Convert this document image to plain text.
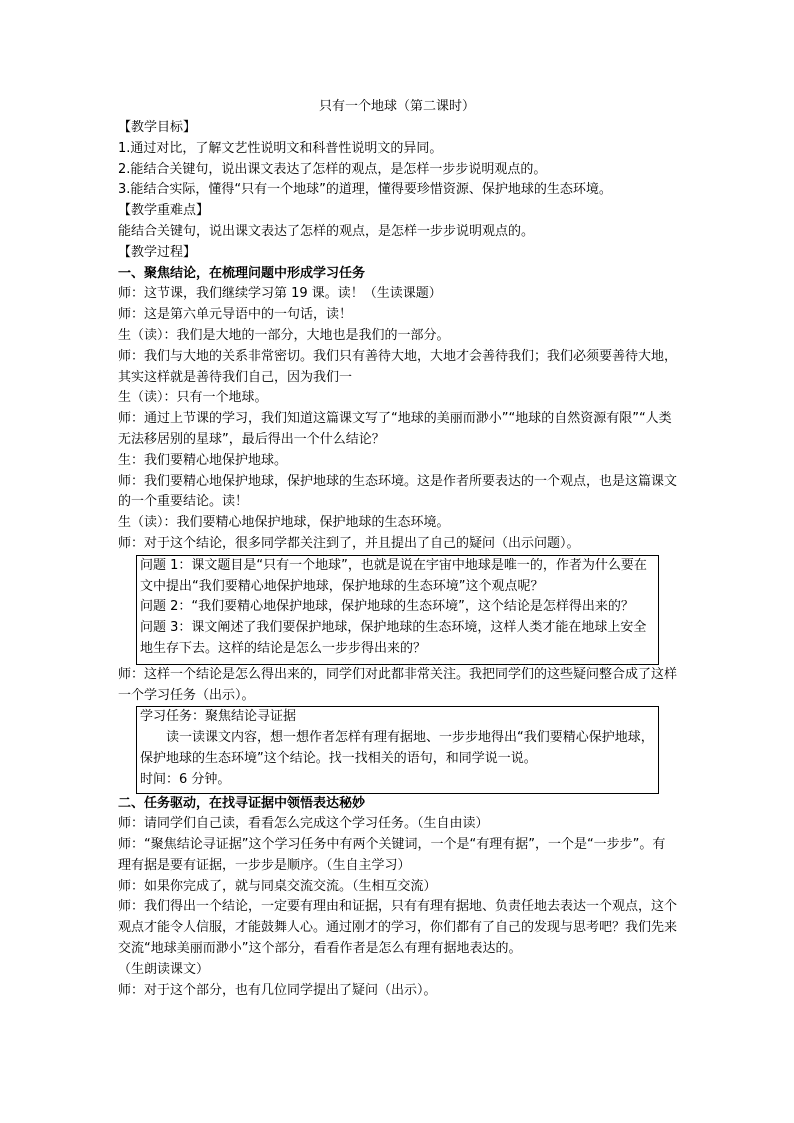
只有一个地球（第二课时）

【教学目标】

1.通过对比，了解文艺性说明文和科普性说明文的异同。

2.能结合关键句，说出课文表达了怎样的观点，是怎样一步步说明观点的。

3.能结合实际，懂得“只有一个地球”的道理，懂得要珍惜资源、保护地球的生态环境。

【教学重难点】

能结合关键句，说出课文表达了怎样的观点，是怎样一步步说明观点的。

【教学过程】

一、聚焦结论，在梳理问题中形成学习任务

师：这节课，我们继续学习第 19 课。读！（生读课题）

师：这是第六单元导语中的一句话，读！

生（读）：我们是大地的一部分，大地也是我们的一部分。

师：我们与大地的关系非常密切。我们只有善待大地，大地才会善待我们；我们必须要善待大地，其实这样就是善待我们自己，因为我们一

生（读）：只有一个地球。

师：通过上节课的学习，我们知道这篇课文写了“地球的美丽而渺小”“地球的自然资源有限”“人类无法移居别的星球”，最后得出一个什么结论？

生：我们要精心地保护地球。

师：我们要精心地保护地球，保护地球的生态环境。这是作者所要表达的一个观点，也是这篇课文的一个重要结论。读！

生（读）：我们要精心地保护地球，保护地球的生态环境。

师：对于这个结论，很多同学都关注到了，并且提出了自己的疑问（出示问题）。

问题 1：课文题目是“只有一个地球”，也就是说在宇宙中地球是唯一的，作者为什么要在文中提出“我们要精心地保护地球，保护地球的生态环境”这个观点呢？

问题 2：“我们要精心地保护地球，保护地球的生态环境”，这个结论是怎样得出来的？

问题 3：课文阐述了我们要保护地球，保护地球的生态环境，这样人类才能在地球上安全地生存下去。这样的结论是怎么一步步得出来的？

师：这样一个结论是怎么得出来的，同学们对此都非常关注。我把同学们的这些疑问整合成了这样一个学习任务（出示）。

学习任务：聚焦结论寻证据

读一读课文内容，想一想作者怎样有理有据地、一步步地得出“我们要精心保护地球，保护地球的生态环境”这个结论。找一找相关的语句，和同学说一说。

时间：6 分钟。

二、任务驱动，在找寻证据中领悟表达秘妙

师：请同学们自己读，看看怎么完成这个学习任务。（生自由读）

师：“聚焦结论寻证据”这个学习任务中有两个关键词，一个是“有理有据”，一个是“一步步”。有理有据是要有证据，一步步是顺序。（生自主学习）

师：如果你完成了，就与同桌交流交流。（生相互交流）

师：我们得出一个结论，一定要有理由和证据，只有有理有据地、负责任地去表达一个观点，这个观点才能令人信服，才能鼓舞人心。通过刚才的学习，你们都有了自己的发现与思考吧？我们先来交流“地球美丽而渺小”这个部分，看看作者是怎么有理有据地表达的。

（生朗读课文）

师：对于这个部分，也有几位同学提出了疑问（出示）。
